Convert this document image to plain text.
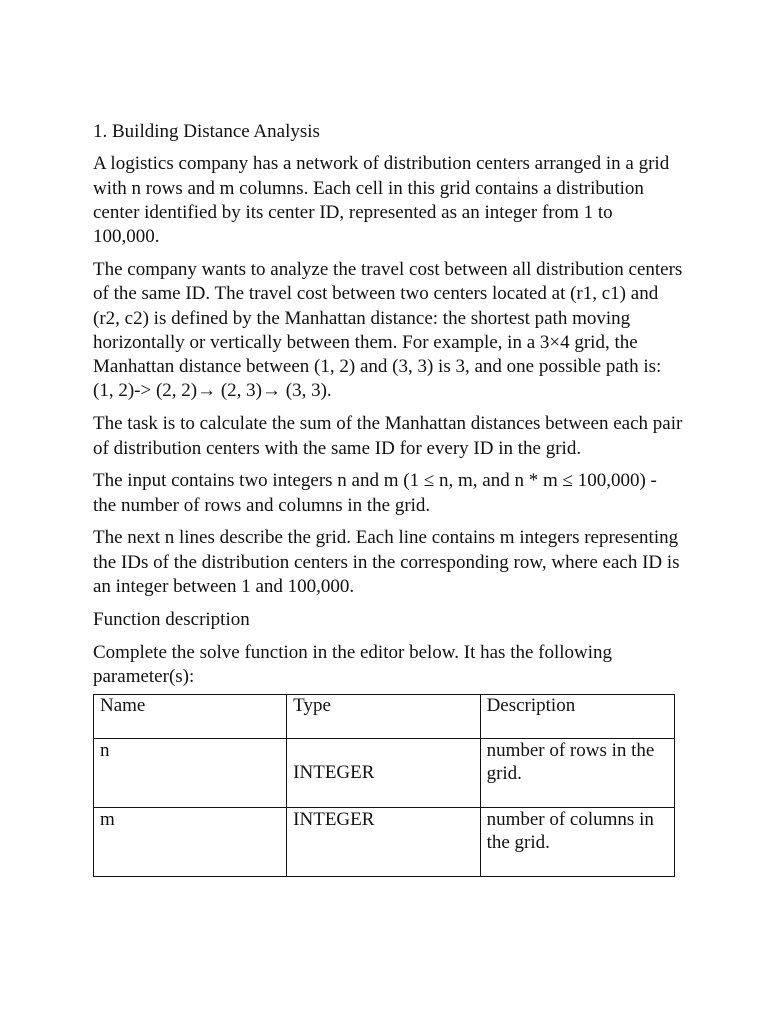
1. Building Distance Analysis

A logistics company has a network of distribution centers arranged in a grid with n rows and m columns. Each cell in this grid contains a distribution center identified by its center ID, represented as an integer from 1 to 100,000.

The company wants to analyze the travel cost between all distribution centers of the same ID. The travel cost between two centers located at (r1, c1) and (r2, c2) is defined by the Manhattan distance: the shortest path moving horizontally or vertically between them. For example, in a 3×4 grid, the Manhattan distance between (1, 2) and (3, 3) is 3, and one possible path is: (1, 2)-> (2, 2)→ (2, 3)→ (3, 3).

The task is to calculate the sum of the Manhattan distances between each pair of distribution centers with the same ID for every ID in the grid.

The input contains two integers n and m (1 ≤ n, m, and n * m ≤ 100,000) - the number of rows and columns in the grid.

The next n lines describe the grid. Each line contains m integers representing the IDs of the distribution centers in the corresponding row, where each ID is an integer between 1 and 100,000.

Function description

Complete the solve function in the editor below. It has the following parameter(s):

Name	Type	Description
n	INTEGER	number of rows in the grid.
m	INTEGER	number of columns in the grid.
